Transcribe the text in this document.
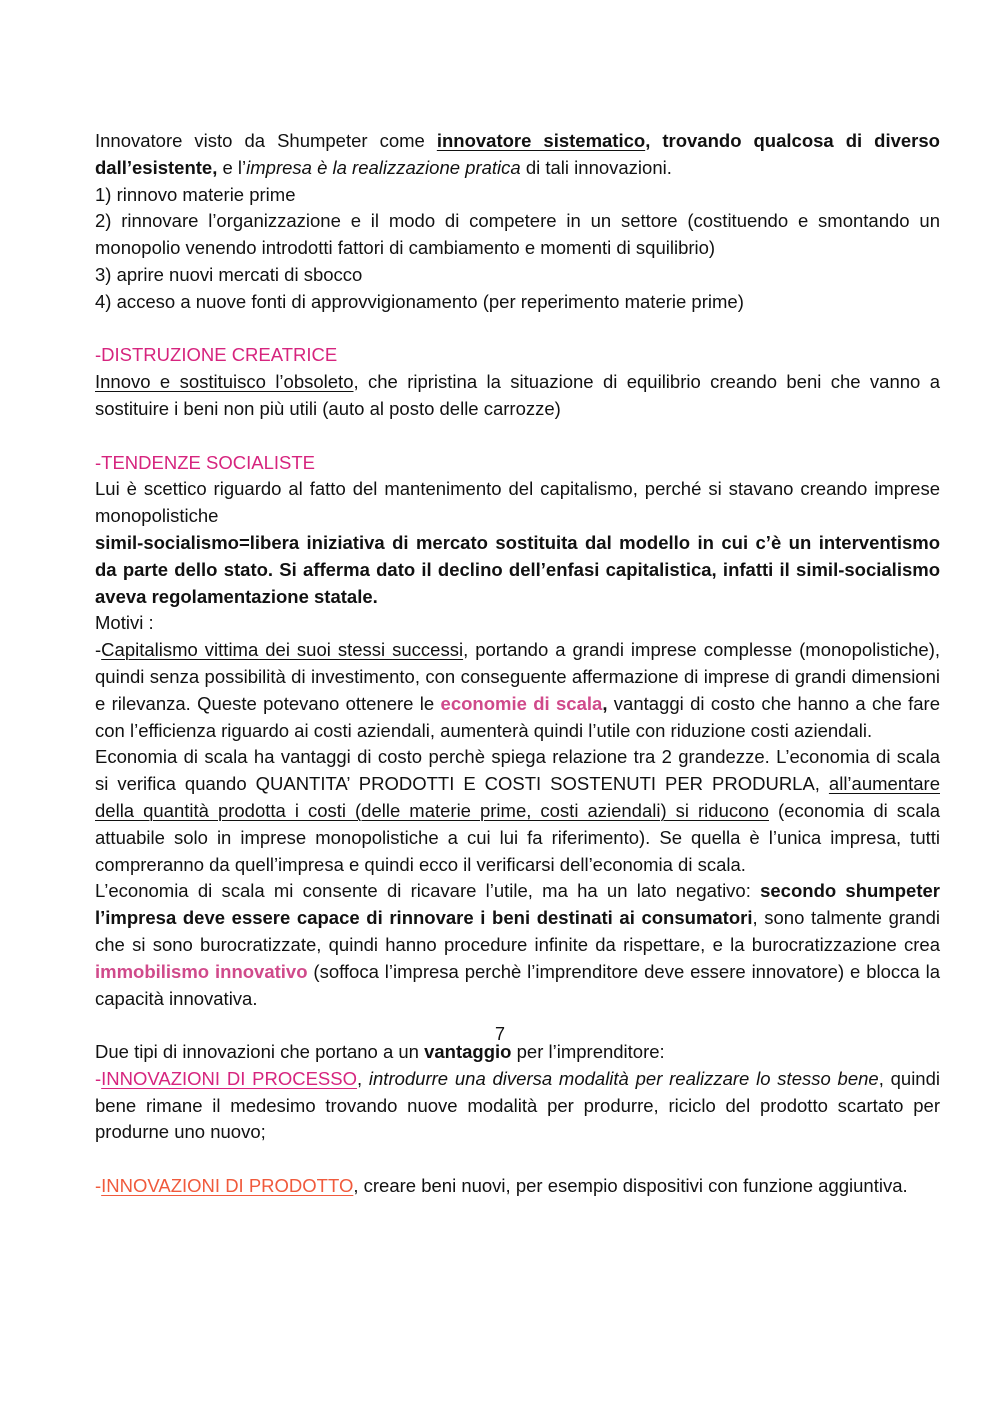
Innovatore visto da Shumpeter come innovatore sistematico, trovando qualcosa di diverso dall’esistente, e l’impresa è la realizzazione pratica di tali innovazioni.

1) rinnovo materie prime

2) rinnovare l’organizzazione e il modo di competere in un settore (costituendo e smontando un monopolio venendo introdotti fattori di cambiamento e momenti di squilibrio)

3) aprire nuovi mercati di sbocco

4) acceso a nuove fonti di approvvigionamento (per reperimento materie prime)

-DISTRUZIONE CREATRICE

Innovo e sostituisco l’obsoleto, che ripristina la situazione di equilibrio creando beni che vanno a sostituire i beni non più utili (auto al posto delle carrozze)

-TENDENZE SOCIALISTE

Lui è scettico riguardo al fatto del mantenimento del capitalismo, perché si stavano creando imprese monopolistiche

simil-socialismo=libera iniziativa di mercato sostituita dal modello in cui c’è un interventismo da parte dello stato. Si afferma dato il declino dell’enfasi capitalistica, infatti il simil-socialismo aveva regolamentazione statale.

Motivi :

-Capitalismo vittima dei suoi stessi successi, portando a grandi imprese complesse (monopolistiche), quindi senza possibilità di investimento, con conseguente affermazione di imprese di grandi dimensioni e rilevanza. Queste potevano ottenere le economie di scala, vantaggi di costo che hanno a che fare con l’efficienza riguardo ai costi aziendali, aumenterà quindi l’utile con riduzione costi aziendali.

Economia di scala ha vantaggi di costo perchè spiega relazione tra 2 grandezze. L’economia di scala si verifica quando QUANTITA’ PRODOTTI E COSTI SOSTENUTI PER PRODURLA, all’aumentare della quantità prodotta i costi (delle materie prime, costi aziendali) si riducono (economia di scala attuabile solo in imprese monopolistiche a cui lui fa riferimento). Se quella è l’unica impresa, tutti compreranno da quell’impresa e quindi ecco il verificarsi dell’economia di scala.

L’economia di scala mi consente di ricavare l’utile, ma ha un lato negativo: secondo shumpeter l’impresa deve essere capace di rinnovare i beni destinati ai consumatori, sono talmente grandi che si sono burocratizzate, quindi hanno procedure infinite da rispettare, e la burocratizzazione crea immobilismo innovativo (soffoca l’impresa perchè l’imprenditore deve essere innovatore) e blocca la capacità innovativa.

Due tipi di innovazioni che portano a un vantaggio per l’imprenditore:

-INNOVAZIONI DI PROCESSO, introdurre una diversa modalità per realizzare lo stesso bene, quindi bene rimane il medesimo trovando nuove modalità per produrre, riciclo del prodotto scartato per produrne uno nuovo;

-INNOVAZIONI DI PRODOTTO, creare beni nuovi, per esempio dispositivi con funzione aggiuntiva.

7
